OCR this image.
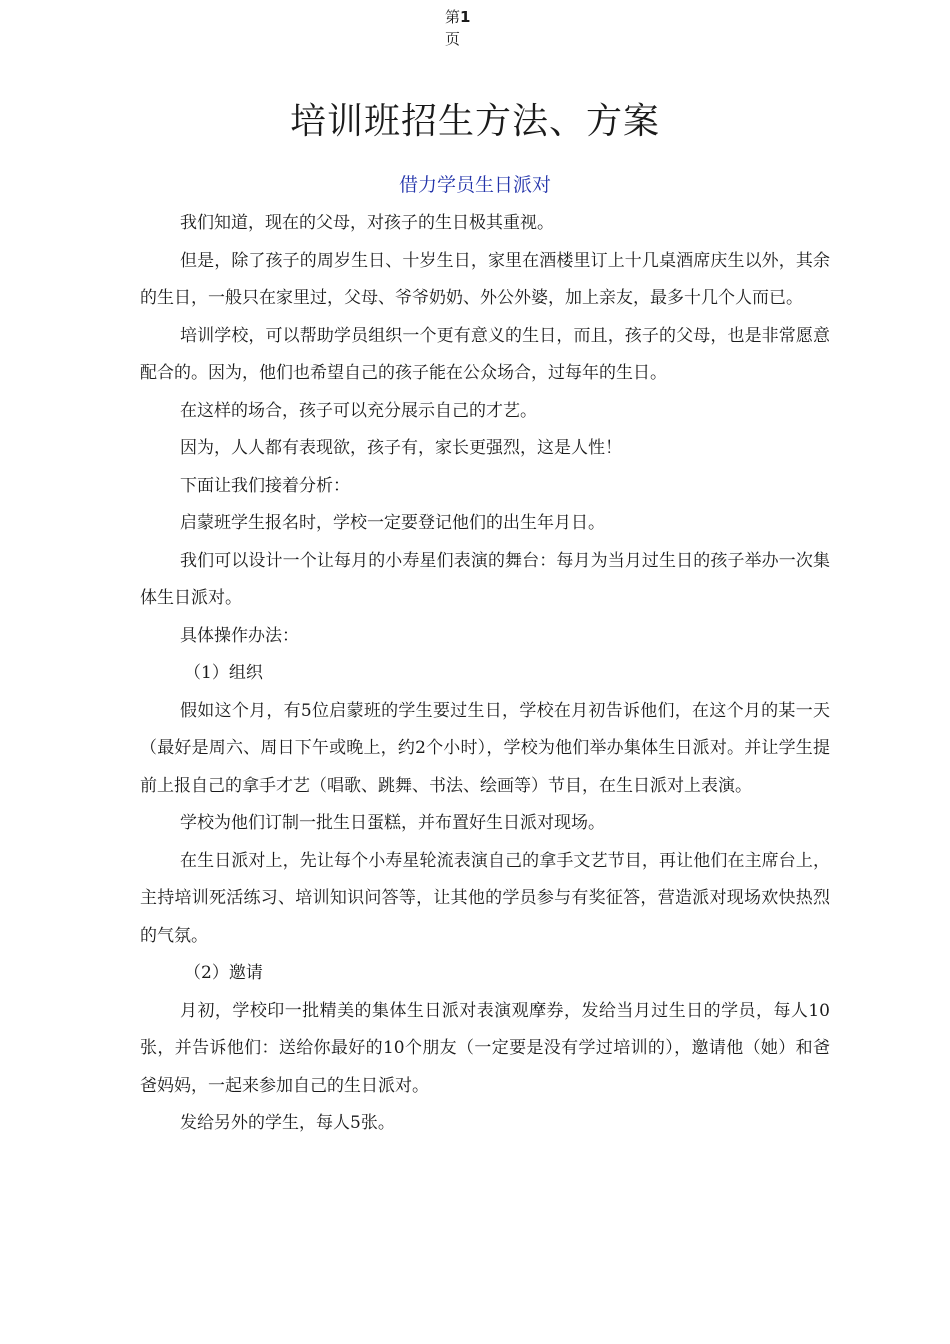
第1
页
培训班招生方法、方案
借力学员生日派对

我们知道，现在的父母，对孩子的生日极其重视。

但是，除了孩子的周岁生日、十岁生日，家里在酒楼里订上十几桌酒席庆生以外，其余的生日，一般只在家里过，父母、爷爷奶奶、外公外婆，加上亲友，最多十几个人而已。

培训学校，可以帮助学员组织一个更有意义的生日，而且，孩子的父母，也是非常愿意配合的。因为，他们也希望自己的孩子能在公众场合，过每年的生日。

在这样的场合，孩子可以充分展示自己的才艺。

因为，人人都有表现欲，孩子有，家长更强烈，这是人性！

下面让我们接着分析：

启蒙班学生报名时，学校一定要登记他们的出生年月日。

我们可以设计一个让每月的小寿星们表演的舞台：每月为当月过生日的孩子举办一次集体生日派对。

具体操作办法：

（1）组织

假如这个月，有5位启蒙班的学生要过生日，学校在月初告诉他们，在这个月的某一天（最好是周六、周日下午或晚上，约2个小时），学校为他们举办集体生日派对。并让学生提前上报自己的拿手才艺（唱歌、跳舞、书法、绘画等）节目，在生日派对上表演。

学校为他们订制一批生日蛋糕，并布置好生日派对现场。

在生日派对上，先让每个小寿星轮流表演自己的拿手文艺节目，再让他们在主席台上，主持培训死活练习、培训知识问答等，让其他的学员参与有奖征答，营造派对现场欢快热烈的气氛。

（2）邀请

月初，学校印一批精美的集体生日派对表演观摩券，发给当月过生日的学员，每人10张，并告诉他们：送给你最好的10个朋友（一定要是没有学过培训的），邀请他（她）和爸爸妈妈，一起来参加自己的生日派对。

发给另外的学生，每人5张。
